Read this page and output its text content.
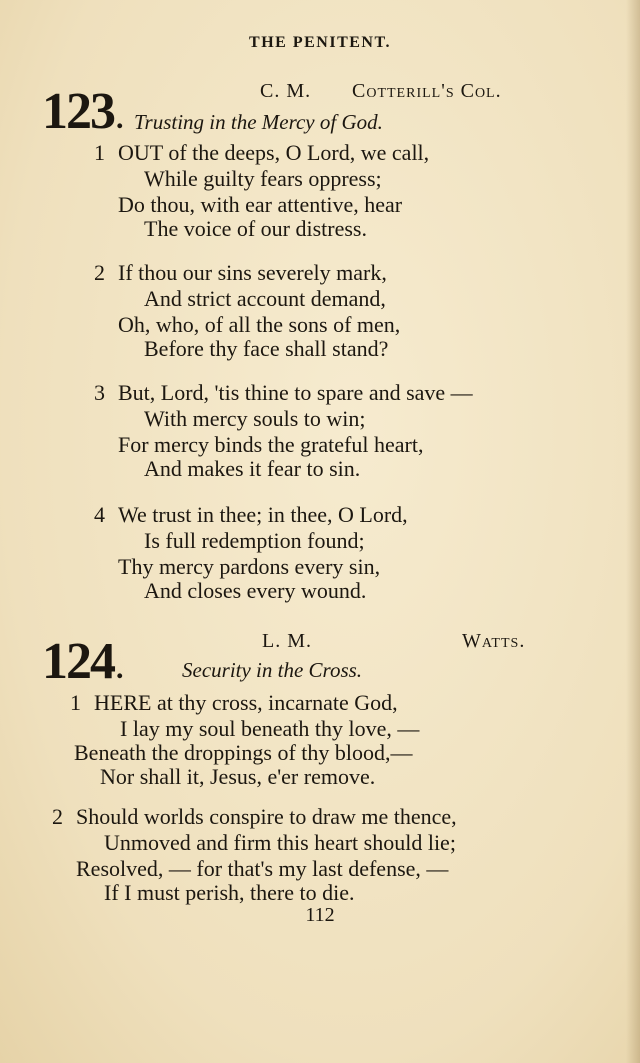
THE PENITENT.
123.
C. M. Cotterill's Col.
Trusting in the Mercy of God.
1 OUT of the deeps, O Lord, we call,
While guilty fears oppress;
Do thou, with ear attentive, hear
The voice of our distress.
2 If thou our sins severely mark,
And strict account demand,
Oh, who, of all the sons of men,
Before thy face shall stand?
3 But, Lord, 'tis thine to spare and save —
With mercy souls to win;
For mercy binds the grateful heart,
And makes it fear to sin.
4 We trust in thee; in thee, O Lord,
Is full redemption found;
Thy mercy pardons every sin,
And closes every wound.
124.
L. M.	Watts.
Security in the Cross.
1 HERE at thy cross, incarnate God,
I lay my soul beneath thy love, —
Beneath the droppings of thy blood,—
Nor shall it, Jesus, e'er remove.
2 Should worlds conspire to draw me thence,
Unmoved and firm this heart should lie;
Resolved, — for that's my last defense, —
If I must perish, there to die.
112
